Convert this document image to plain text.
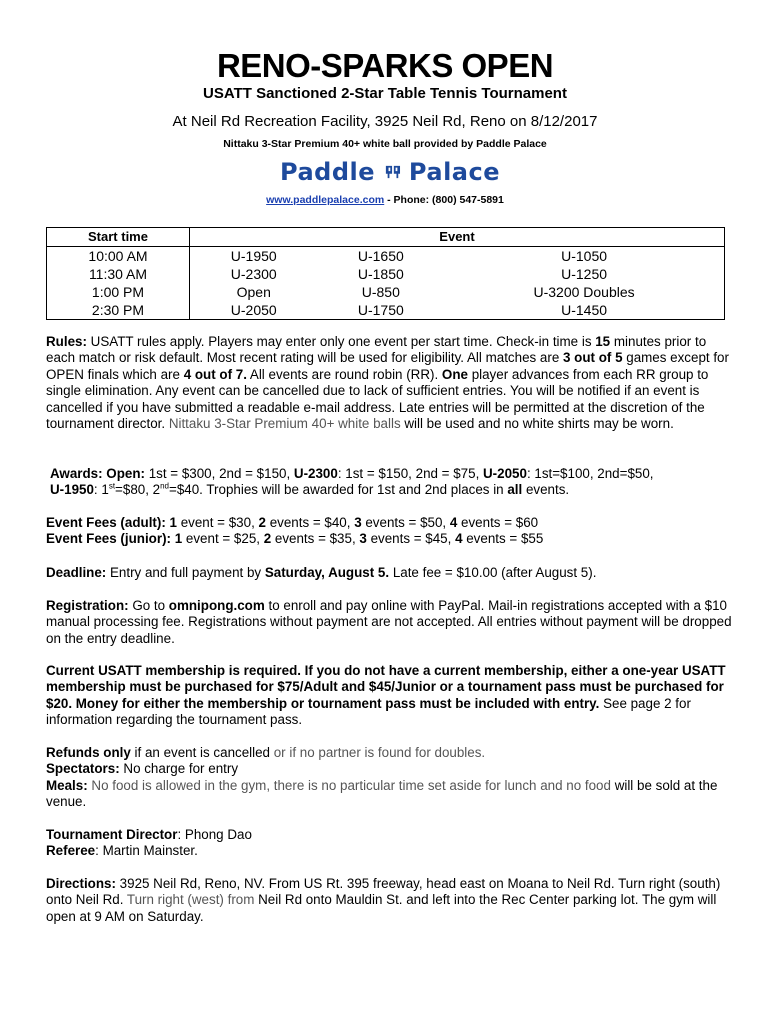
RENO-SPARKS OPEN
USATT Sanctioned 2-Star Table Tennis Tournament
At Neil Rd Recreation Facility, 3925 Neil Rd, Reno on 8/12/2017
Nittaku 3-Star Premium 40+ white ball provided by Paddle Palace
Paddle Palace
www.paddlepalace.com - Phone: (800) 547-5891
Start time	Event		
10:00 AM	U-1950	U-1650	U-1050
11:30 AM	U-2300	U-1850	U-1250
1:00 PM	Open	U-850	U-3200 Doubles
2:30 PM	U-2050	U-1750	U-1450
Rules: USATT rules apply. Players may enter only one event per start time. Check-in time is 15 minutes prior to each match or risk default. Most recent rating will be used for eligibility. All matches are 3 out of 5 games except for OPEN finals which are 4 out of 7. All events are round robin (RR). One player advances from each RR group to single elimination. Any event can be cancelled due to lack of sufficient entries. You will be notified if an event is cancelled if you have submitted a readable e-mail address. Late entries will be permitted at the discretion of the tournament director. Nittaku 3-Star Premium 40+ white balls will be used and no white shirts may be worn.
Awards: Open: 1st = $300, 2nd = $150, U-2300: 1st = $150, 2nd = $75, U-2050: 1st=$100, 2nd=$50,
U-1950: 1st=$80, 2nd=$40. Trophies will be awarded for 1st and 2nd places in all events.
Event Fees (adult): 1 event = $30, 2 events = $40, 3 events = $50, 4 events = $60
Event Fees (junior): 1 event = $25, 2 events = $35, 3 events = $45, 4 events = $55
Deadline: Entry and full payment by Saturday, August 5. Late fee = $10.00 (after August 5).
Registration: Go to omnipong.com to enroll and pay online with PayPal. Mail-in registrations accepted with a $10 manual processing fee. Registrations without payment are not accepted. All entries without payment will be dropped on the entry deadline.
Current USATT membership is required. If you do not have a current membership, either a one-year USATT membership must be purchased for $75/Adult and $45/Junior or a tournament pass must be purchased for $20. Money for either the membership or tournament pass must be included with entry. See page 2 for information regarding the tournament pass.
Refunds only if an event is cancelled or if no partner is found for doubles.
Spectators: No charge for entry
Meals: No food is allowed in the gym, there is no particular time set aside for lunch and no food will be sold at the venue.
Tournament Director: Phong Dao
Referee: Martin Mainster.
Directions: 3925 Neil Rd, Reno, NV. From US Rt. 395 freeway, head east on Moana to Neil Rd. Turn right (south) onto Neil Rd. Turn right (west) from Neil Rd onto Mauldin St. and left into the Rec Center parking lot. The gym will open at 9 AM on Saturday.
